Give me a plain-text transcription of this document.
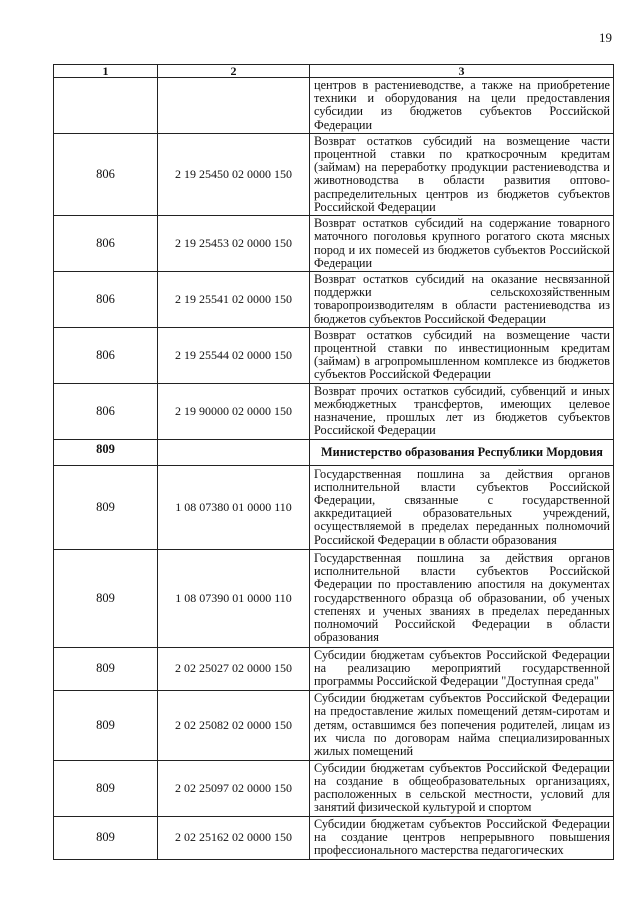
19
1	2	3
		центров в растениеводстве, а также на приобретение техники и оборудования на цели предоставления субсидии из бюджетов субъектов Российской Федерации
806	2 19 25450 02 0000 150	Возврат остатков субсидий на возмещение части процентной ставки по краткосрочным кредитам (займам) на переработку продукции растениеводства и животноводства в области развития оптово-распределительных центров из бюджетов субъектов Российской Федерации
806	2 19 25453 02 0000 150	Возврат остатков субсидий на содержание товарного маточного поголовья крупного рогатого скота мясных пород и их помесей из бюджетов субъектов Российской Федерации
806	2 19 25541 02 0000 150	Возврат остатков субсидий на оказание несвязанной поддержки сельскохозяйственным товаропроизводителям в области растениеводства из бюджетов субъектов Российской Федерации
806	2 19 25544 02 0000 150	Возврат остатков субсидий на возмещение части процентной ставки по инвестиционным кредитам (займам) в агропромышленном комплексе из бюджетов субъектов Российской Федерации
806	2 19 90000 02 0000 150	Возврат прочих остатков субсидий, субвенций и иных межбюджетных трансфертов, имеющих целевое назначение, прошлых лет из бюджетов субъектов Российской Федерации
809		Министерство образования Республики Мордовия
809	1 08 07380 01 0000 110	Государственная пошлина за действия органов исполнительной власти субъектов Российской Федерации, связанные с государственной аккредитацией образовательных учреждений, осуществляемой в пределах переданных полномочий Российской Федерации в области образования
809	1 08 07390 01 0000 110	Государственная пошлина за действия органов исполнительной власти субъектов Российской Федерации по проставлению апостиля на документах государственного образца об образовании, об ученых степенях и ученых званиях в пределах переданных полномочий Российской Федерации в области образования
809	2 02 25027 02 0000 150	Субсидии бюджетам субъектов Российской Федерации на реализацию мероприятий государственной программы Российской Федерации "Доступная среда"
809	2 02 25082 02 0000 150	Субсидии бюджетам субъектов Российской Федерации на предоставление жилых помещений детям-сиротам и детям, оставшимся без попечения родителей, лицам из их числа по договорам найма специализированных жилых помещений
809	2 02 25097 02 0000 150	Субсидии бюджетам субъектов Российской Федерации на создание в общеобразовательных организациях, расположенных в сельской местности, условий для занятий физической культурой и спортом
809	2 02 25162 02 0000 150	Субсидии бюджетам субъектов Российской Федерации на создание центров непрерывного повышения профессионального мастерства педагогических
